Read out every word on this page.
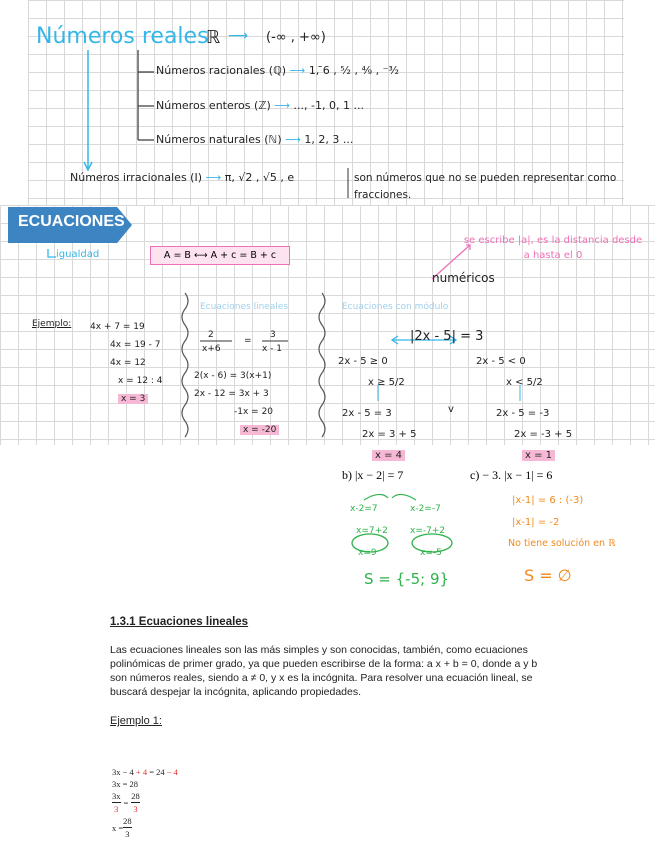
Números reales
ℝ ⟶ (-∞ , +∞)
Números racionales (ℚ) ⟶ 1, ̄6 , ⁵⁄₂ , ⁴⁄₉ , ⁻³⁄₂
Números enteros (ℤ) ⟶ ..., -1, 0, 1 ...
Números naturales (ℕ) ⟶ 1, 2, 3 ...
Números irracionales (I) ⟶ π, √2 , √5 , e	son números que no se pueden representar como fracciones.
ECUACIONES
igualdad	A = B ⟷ A + c = B + c
se escribe |a|, es la distancia desde a hasta el 0
numéricos
Ejemplo: 4x + 7 = 19
4x = 19 - 7
4x = 12
x = 12 : 4
x = 3
Ecuaciones lineales
2
x+6
=
3
x - 1
2(x - 6) = 3(x+1)
2x - 12 = 3x + 3
-1x = 20
x = -20
Ecuaciones con módulo
|2x - 5| = 3
2x - 5 ≥ 0
x ≥ 5/2
2x - 5 = 3
2x = 3 + 5
x = 4
v
2x - 5 < 0
x < 5/2
2x - 5 = -3
2x = -3 + 5
x = 1
b) |x − 2| = 7
x-2=7
x=7+2
x=9
x-2=-7
x=-7+2
x=-5
S = {-5; 9}
c) − 3. |x − 1| = 6
|x-1| = 6 : (-3)
|x-1| = -2
No tiene solución en ℝ
S = ∅
1.3.1 Ecuaciones lineales
Las ecuaciones lineales son las más simples y son conocidas, también, como ecuaciones polinómicas de primer grado, ya que pueden escribirse de la forma: a x + b = 0, donde a y b son números reales, siendo a ≠ 0, y x es la incógnita. Para resolver una ecuación lineal, se buscará despejar la incógnita, aplicando propiedades.
Ejemplo 1:
3x − 4 + 4 = 24 − 4
3x = 28
$\frac{3x}{3} = \frac{28}{3}$
$x = \frac{28}{3}$
